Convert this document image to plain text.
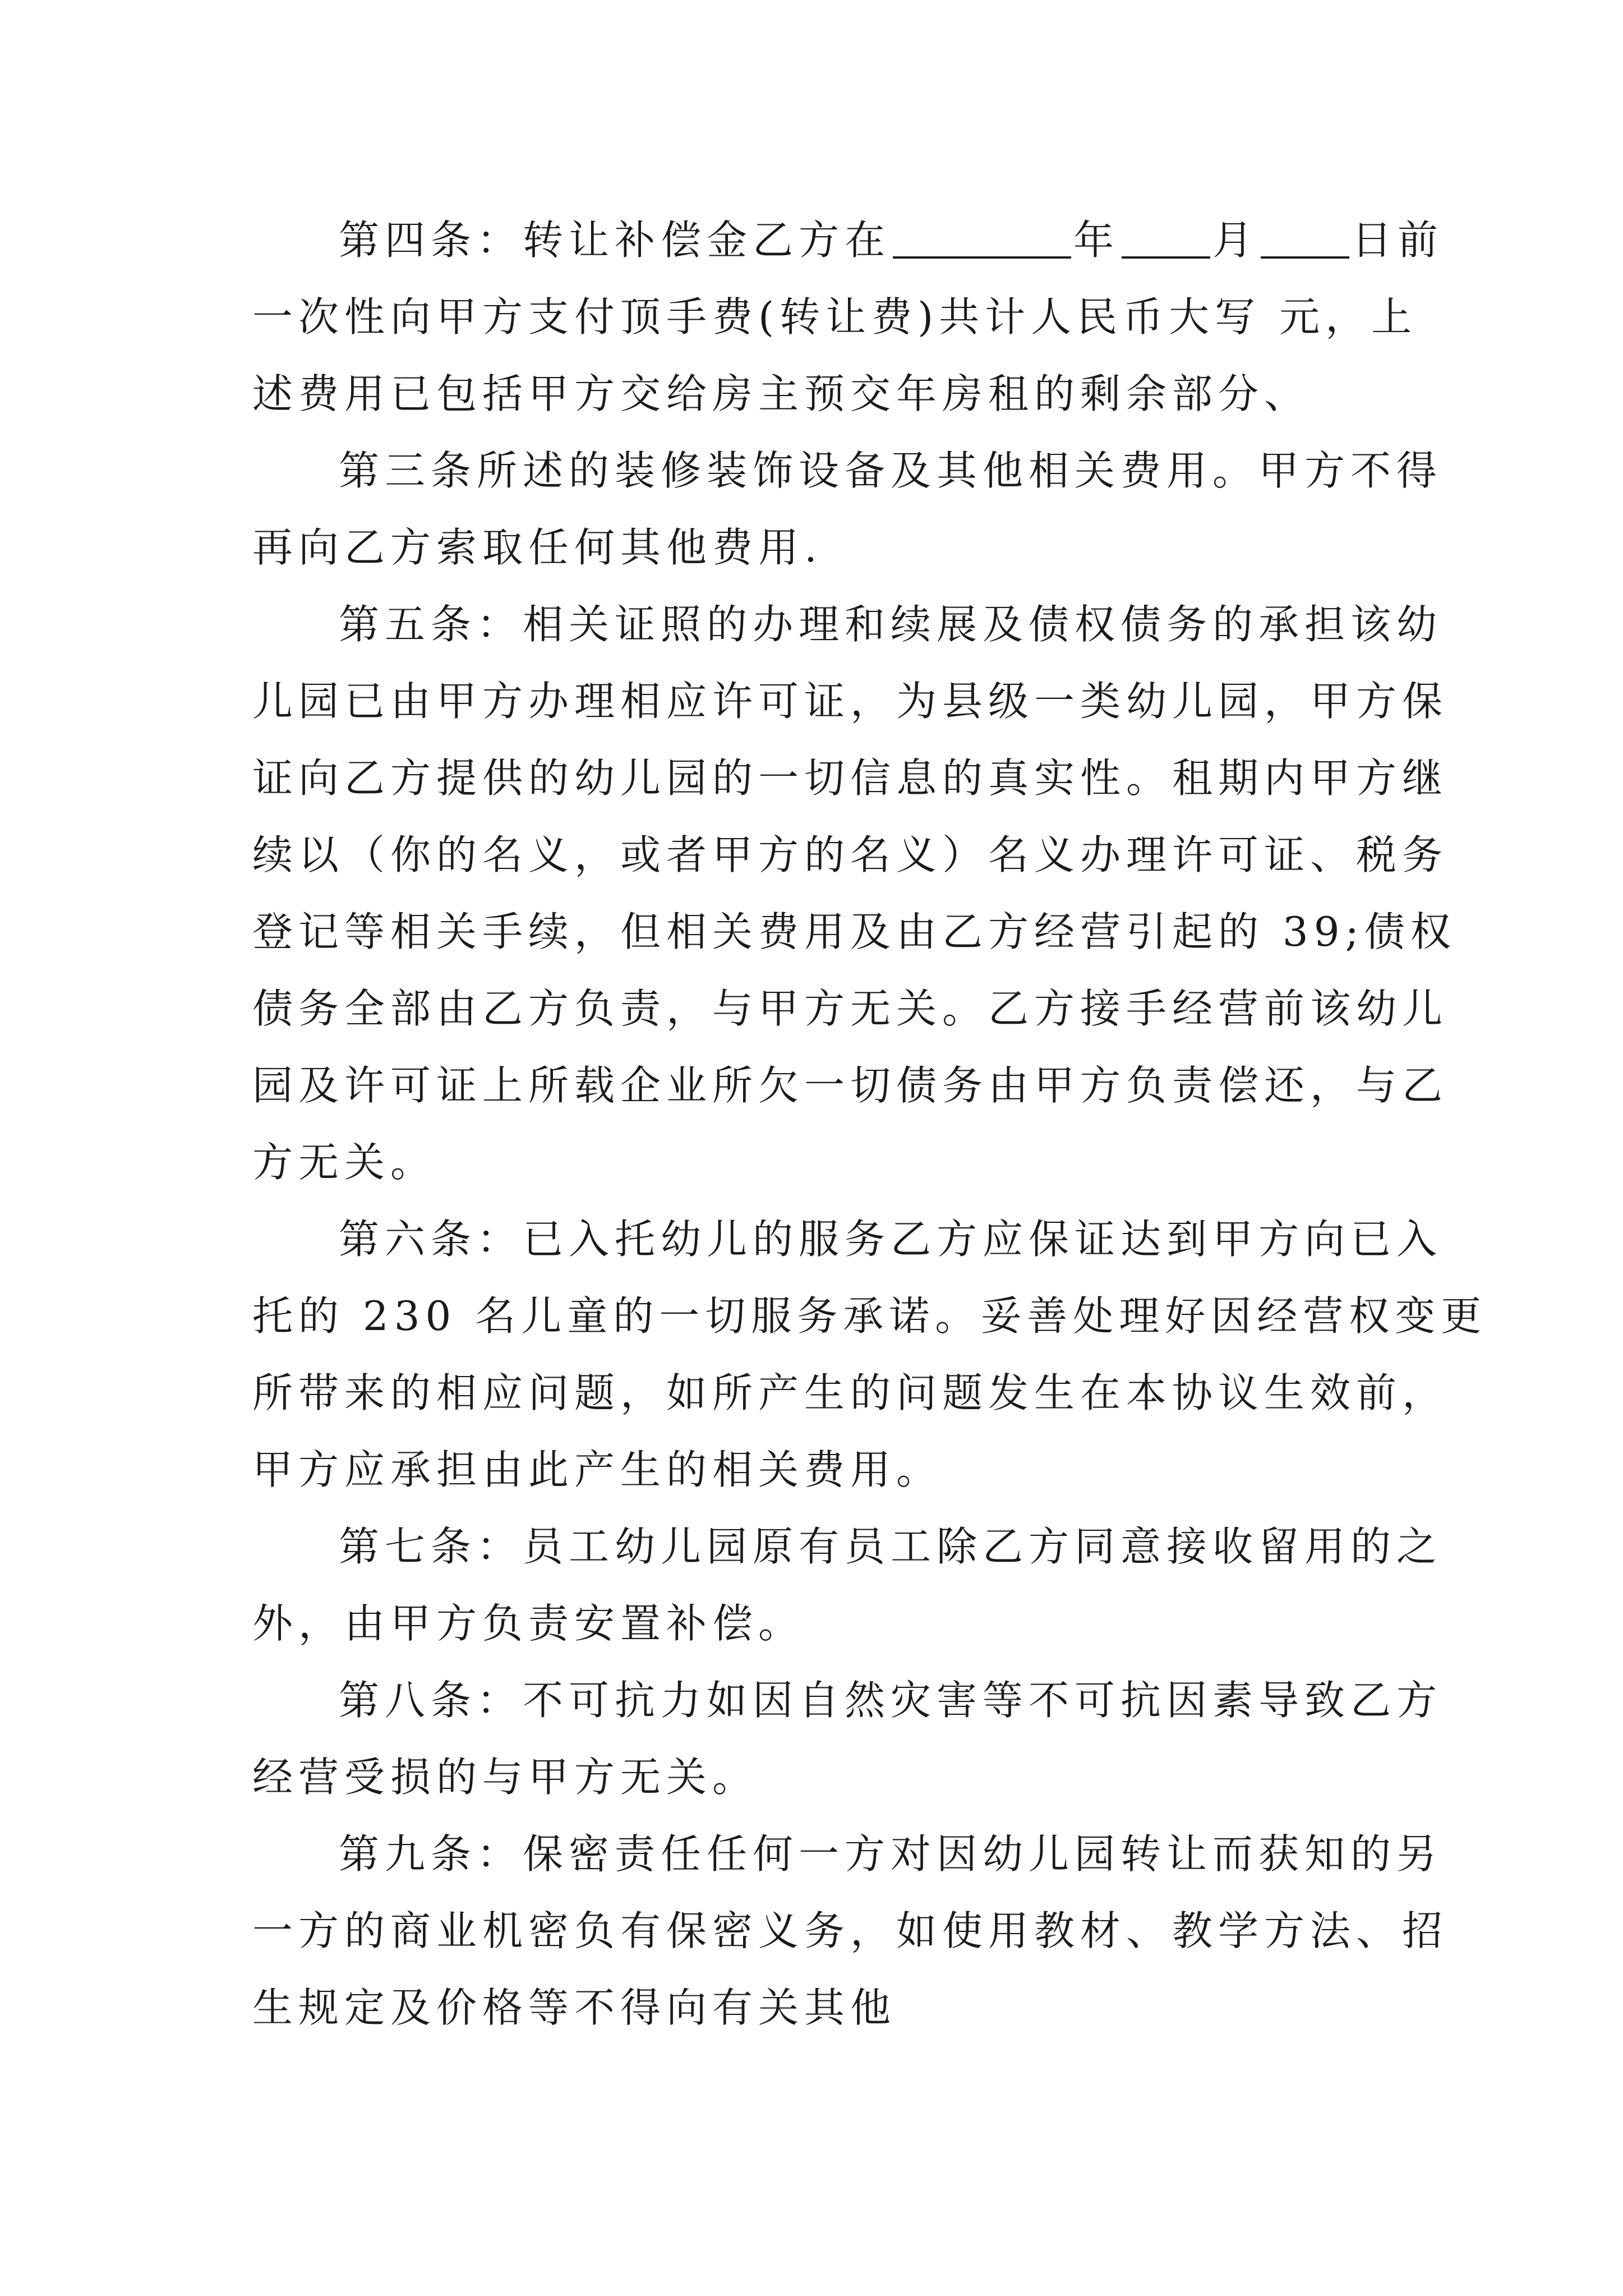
第四条：转让补偿金乙方在	年 月 日前
一次性向甲方支付顶手费(转让费)共计人民币大写 元，上
述费用已包括甲方交给房主预交年房租的剩余部分、

第三条所述的装修装饰设备及其他相关费用。甲方不得
再向乙方索取任何其他费用.

第五条：相关证照的办理和续展及债权债务的承担该幼
儿园已由甲方办理相应许可证，为县级一类幼儿园，甲方保
证向乙方提供的幼儿园的一切信息的真实性。租期内甲方继
续以（你的名义，或者甲方的名义）名义办理许可证、税务
登记等相关手续，但相关费用及由乙方经营引起的 39;债权
债务全部由乙方负责，与甲方无关。乙方接手经营前该幼儿
园及许可证上所载企业所欠一切债务由甲方负责偿还，与乙
方无关。

第六条：已入托幼儿的服务乙方应保证达到甲方向已入
托的 230 名儿童的一切服务承诺。妥善处理好因经营权变更
所带来的相应问题，如所产生的问题发生在本协议生效前，
甲方应承担由此产生的相关费用。

第七条：员工幼儿园原有员工除乙方同意接收留用的之
外，由甲方负责安置补偿。

第八条：不可抗力如因自然灾害等不可抗因素导致乙方
经营受损的与甲方无关。

第九条：保密责任任何一方对因幼儿园转让而获知的另
一方的商业机密负有保密义务，如使用教材、教学方法、招
生规定及价格等不得向有关其他
